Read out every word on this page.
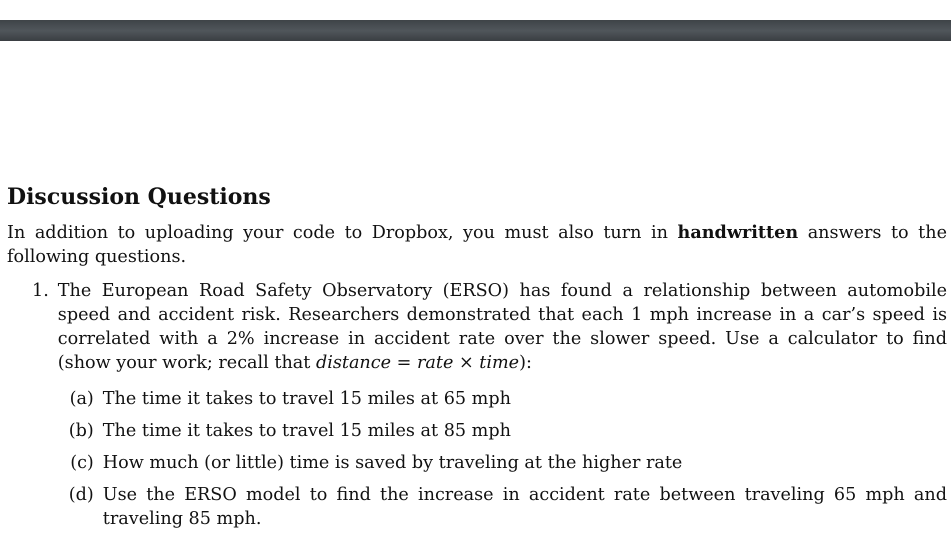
Discussion Questions

In addition to uploading your code to Dropbox, you must also turn in handwritten answers to the following questions.

1. The European Road Safety Observatory (ERSO) has found a relationship between automobile speed and accident risk. Researchers demonstrated that each 1 mph increase in a car’s speed is correlated with a 2% increase in accident rate over the slower speed. Use a calculator to find (show your work; recall that distance = rate × time):

(a) The time it takes to travel 15 miles at 65 mph
(b) The time it takes to travel 15 miles at 85 mph
(c) How much (or little) time is saved by traveling at the higher rate
(d) Use the ERSO model to find the increase in accident rate between traveling 65 mph and traveling 85 mph.
